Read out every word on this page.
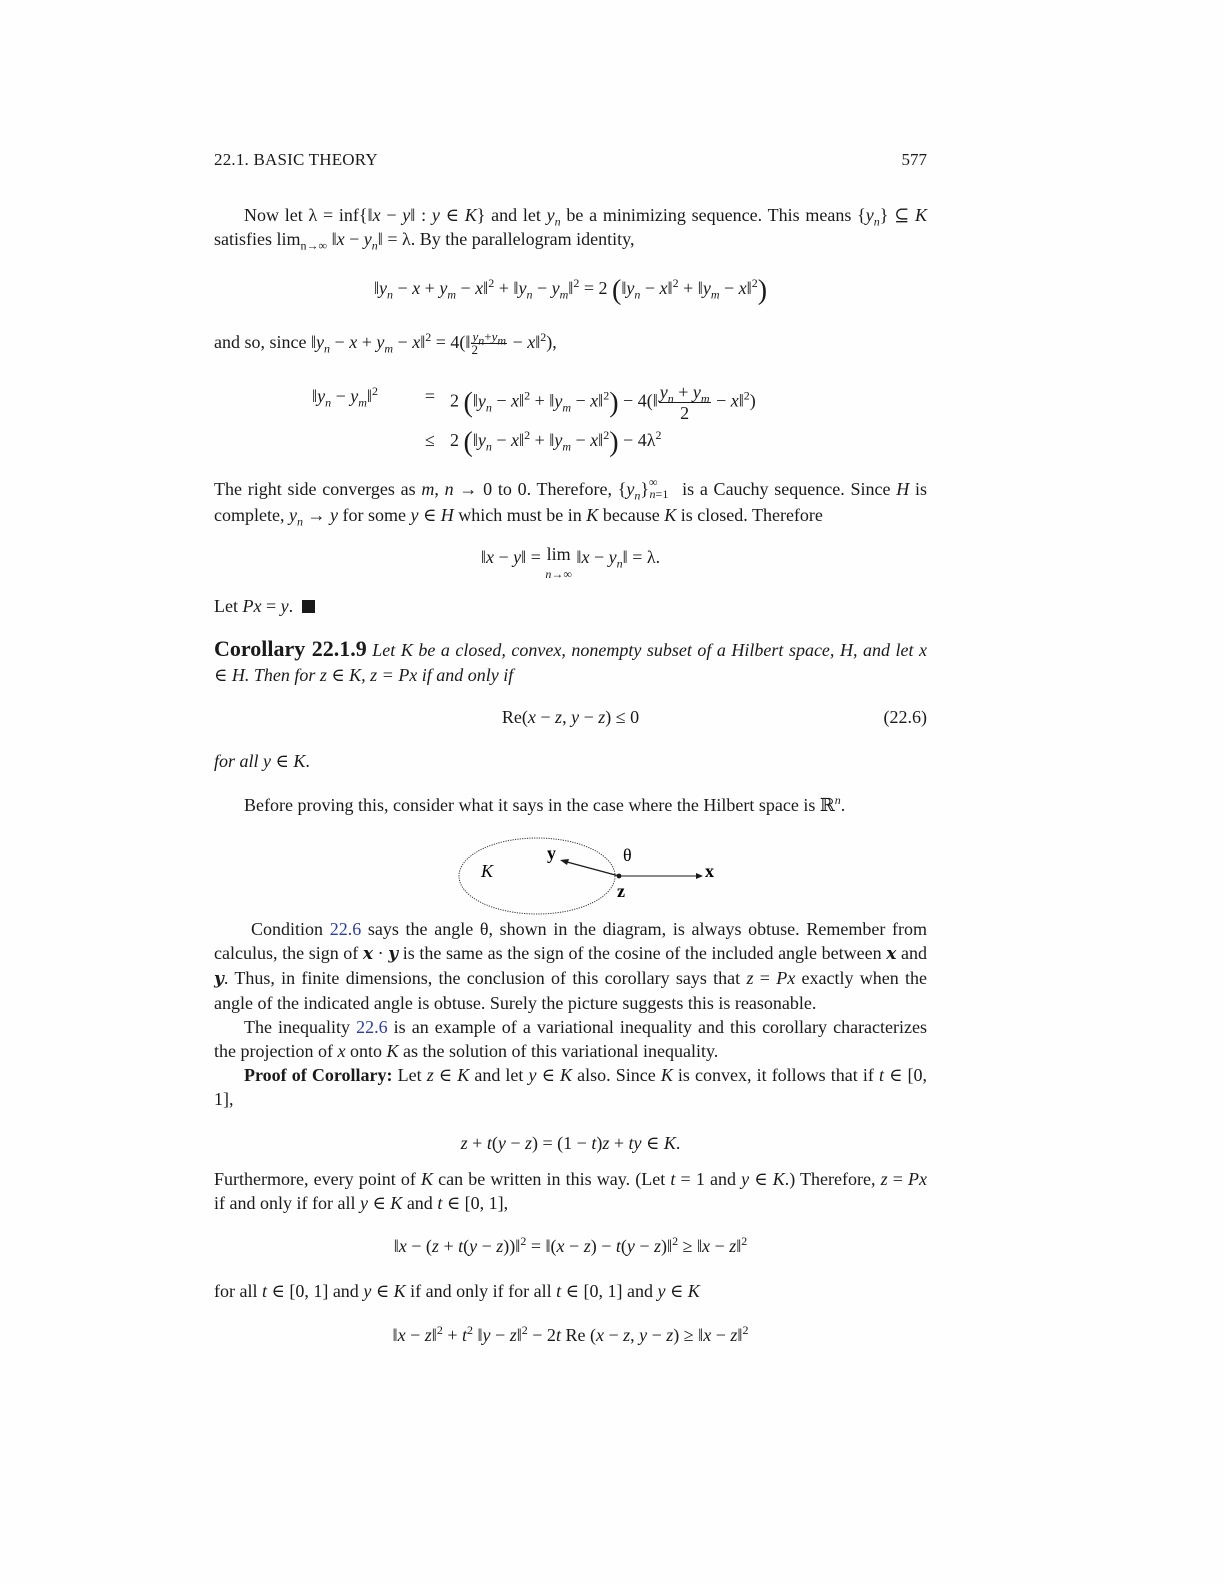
22.1. BASIC THEORY	577

Now let λ = inf{‖x − y‖ : y ∈ K} and let $y_n$ be a minimizing sequence. This means $\{y_n\}$ ⊆ K satisfies $\lim_{n\to\infty}$ ‖x − $y_n‖ = \lambda$. By the parallelogram identity,

$‖y_n - x + y_m$ − x‖$^2$ + $‖y_n$ − $y_m‖^2 = 2$ ($‖y_n$ − x‖$^2$ + $‖y_m$ − x‖$^2$)

and so, since $‖y_n - x + y_m$ − x‖$^2$ = 4(‖ $\frac{y_n+y_m}{2}$ − x‖$^2$),

$‖y_n$ − $y_m‖^2$	= 2 ($‖y_n$ − x‖$^2$ + $‖y_m$ − x‖$^2$) − 4(‖ $\frac{y_n + y_m}{2}$ − x‖$^2$)
≤ 2 ($‖y_n$ − x‖$^2$ + $‖y_m$ − x‖$^2$) − $4\lambda^2$

The right side converges as m, n → 0 to 0. Therefore, $\{y_n\}^\infty_{n=1}$ is a Cauchy sequence. Since H is complete, $y_n \to y$ for some y ∈ H which must be in K because K is closed. Therefore

‖x − y‖ = lim
n→∞ ‖x − $y_n‖ = \lambda$.

Let Px = y.

Corollary 22.1.9 Let K be a closed, convex, nonempty subset of a Hilbert space, H, and let x ∈ H. Then for z ∈ K, z = Px if and only if

Re(x − z, y − z) ≤ 0	(22.6)

for all y ∈ K.

Before proving this, consider what it says in the case where the Hilbert space is ℝ$^n$.

K
y	θ
x
z

Condition 22.6 says the angle θ, shown in the diagram, is always obtuse. Remember from calculus, the sign of x · y is the same as the sign of the cosine of the included angle between x and y. Thus, in finite dimensions, the conclusion of this corollary says that z = Px exactly when the angle of the indicated angle is obtuse. Surely the picture suggests this is reasonable.

The inequality 22.6 is an example of a variational inequality and this corollary characterizes the projection of x onto K as the solution of this variational inequality.

Proof of Corollary: Let z ∈ K and let y ∈ K also. Since K is convex, it follows that if t ∈ [0, 1],

z + t(y − z) = (1 − t)z + ty ∈ K.

Furthermore, every point of K can be written in this way. (Let t = 1 and y ∈ K.) Therefore, z = Px if and only if for all y ∈ K and t ∈ [0, 1],

‖x − (z + t(y − z))‖$^2$ = ‖(x − z) − t(y − z)‖$^2$ ≥ ‖x − z‖$^2$

for all t ∈ [0, 1] and y ∈ K if and only if for all t ∈ [0, 1] and y ∈ K

‖x − z‖$^2$ + $t^2$ ‖y − z‖$^2$ − 2t Re (x − z, y − z) ≥ ‖x − z‖$^2$
